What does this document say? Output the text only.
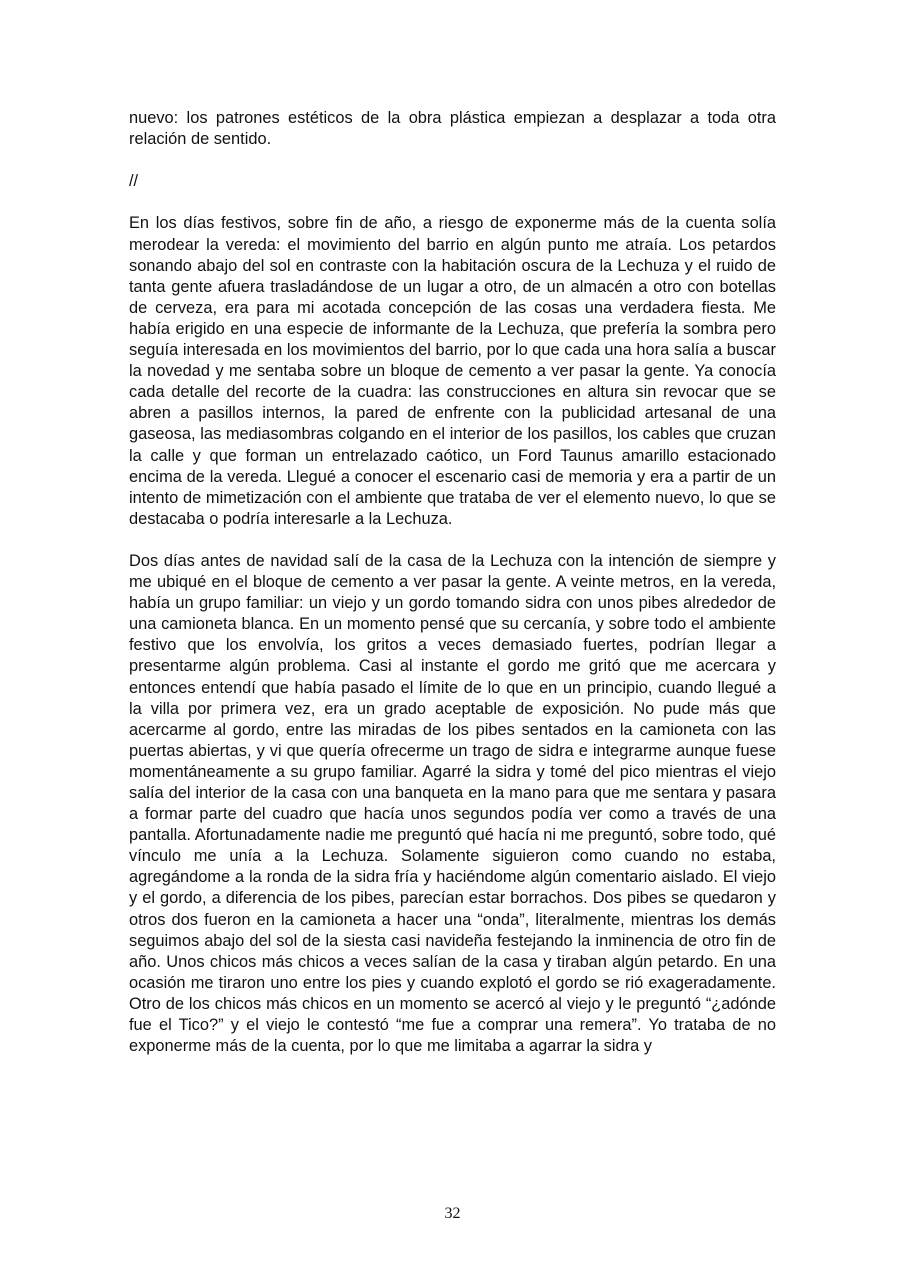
nuevo: los patrones estéticos de la obra plástica empiezan a desplazar a toda otra relación de sentido.

//

En los días festivos, sobre fin de año, a riesgo de exponerme más de la cuenta solía merodear la vereda: el movimiento del barrio en algún punto me atraía. Los petardos sonando abajo del sol en contraste con la habitación oscura de la Lechuza y el ruido de tanta gente afuera trasladándose de un lugar a otro, de un almacén a otro con botellas de cerveza, era para mi acotada concepción de las cosas una verdadera fiesta. Me había erigido en una especie de informante de la Lechuza, que prefería la sombra pero seguía interesada en los movimientos del barrio, por lo que cada una hora salía a buscar la novedad y me sentaba sobre un bloque de cemento a ver pasar la gente. Ya conocía cada detalle del recorte de la cuadra: las construcciones en altura sin revocar que se abren a pasillos internos, la pared de enfrente con la publicidad artesanal de una gaseosa, las mediasombras colgando en el interior de los pasillos, los cables que cruzan la calle y que forman un entrelazado caótico, un Ford Taunus amarillo estacionado encima de la vereda. Llegué a conocer el escenario casi de memoria y era a partir de un intento de mimetización con el ambiente que trataba de ver el elemento nuevo, lo que se destacaba o podría interesarle a la Lechuza.

Dos días antes de navidad salí de la casa de la Lechuza con la intención de siempre y me ubiqué en el bloque de cemento a ver pasar la gente. A veinte metros, en la vereda, había un grupo familiar: un viejo y un gordo tomando sidra con unos pibes alrededor de una camioneta blanca. En un momento pensé que su cercanía, y sobre todo el ambiente festivo que los envolvía, los gritos a veces demasiado fuertes, podrían llegar a presentarme algún problema. Casi al instante el gordo me gritó que me acercara y entonces entendí que había pasado el límite de lo que en un principio, cuando llegué a la villa por primera vez, era un grado aceptable de exposición. No pude más que acercarme al gordo, entre las miradas de los pibes sentados en la camioneta con las puertas abiertas, y vi que quería ofrecerme un trago de sidra e integrarme aunque fuese momentáneamente a su grupo familiar. Agarré la sidra y tomé del pico mientras el viejo salía del interior de la casa con una banqueta en la mano para que me sentara y pasara a formar parte del cuadro que hacía unos segundos podía ver como a través de una pantalla. Afortunadamente nadie me preguntó qué hacía ni me preguntó, sobre todo, qué vínculo me unía a la Lechuza. Solamente siguieron como cuando no estaba, agregándome a la ronda de la sidra fría y haciéndome algún comentario aislado. El viejo y el gordo, a diferencia de los pibes, parecían estar borrachos. Dos pibes se quedaron y otros dos fueron en la camioneta a hacer una “onda”, literalmente, mientras los demás seguimos abajo del sol de la siesta casi navideña festejando la inminencia de otro fin de año. Unos chicos más chicos a veces salían de la casa y tiraban algún petardo. En una ocasión me tiraron uno entre los pies y cuando explotó el gordo se rió exageradamente. Otro de los chicos más chicos en un momento se acercó al viejo y le preguntó “¿adónde fue el Tico?” y el viejo le contestó “me fue a comprar una remera”. Yo trataba de no exponerme más de la cuenta, por lo que me limitaba a agarrar la sidra y

32
